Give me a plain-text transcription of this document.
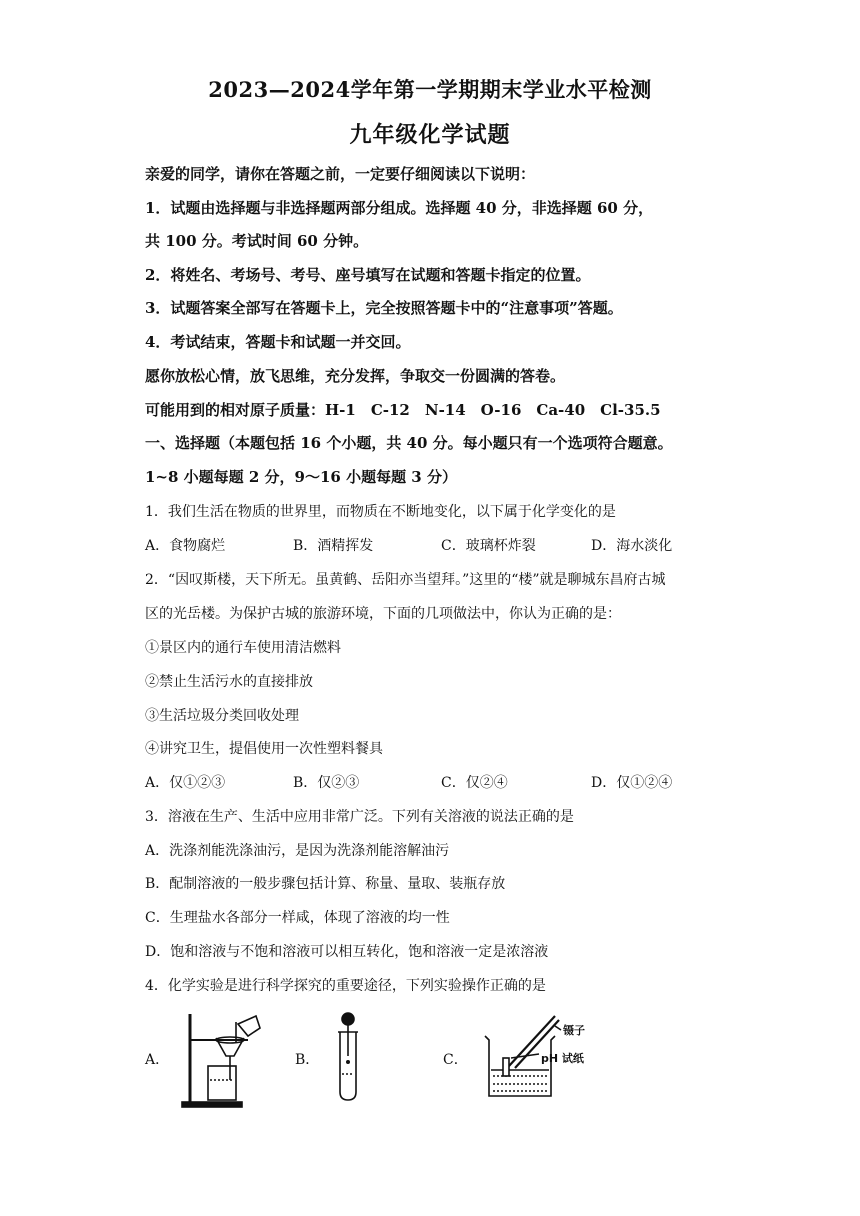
2023—2024学年第一学期期末学业水平检测
九年级化学试题
亲爱的同学，请你在答题之前，一定要仔细阅读以下说明：
1．试题由选择题与非选择题两部分组成。选择题 40 分，非选择题 60 分，
共 100 分。考试时间 60 分钟。
2．将姓名、考场号、考号、座号填写在试题和答题卡指定的位置。
3．试题答案全部写在答题卡上，完全按照答题卡中的“注意事项”答题。
4．考试结束，答题卡和试题一并交回。
愿你放松心情，放飞思维，充分发挥，争取交一份圆满的答卷。
可能用到的相对原子质量：H-1　C-12　N-14　O-16　Ca-40　Cl-35.5
一、选择题（本题包括 16 个小题，共 40 分。每小题只有一个选项符合题意。
1~8 小题每题 2 分，9～16 小题每题 3 分）
1．我们生活在物质的世界里，而物质在不断地变化，以下属于化学变化的是
A．食物腐烂	B．酒精挥发	C．玻璃杯炸裂	D．海水淡化
2．“因叹斯楼，天下所无。虽黄鹤、岳阳亦当望拜。”这里的“楼”就是聊城东昌府古城
区的光岳楼。为保护古城的旅游环境，下面的几项做法中，你认为正确的是：
①景区内的通行车使用清洁燃料
②禁止生活污水的直接排放
③生活垃圾分类回收处理
④讲究卫生，提倡使用一次性塑料餐具
A．仅①②③	B．仅②③	C．仅②④	D．仅①②④
3．溶液在生产、生活中应用非常广泛。下列有关溶液的说法正确的是
A．洗涤剂能洗涤油污，是因为洗涤剂能溶解油污
B．配制溶液的一般步骤包括计算、称量、量取、装瓶存放
C．生理盐水各部分一样咸，体现了溶液的均一性
D．饱和溶液与不饱和溶液可以相互转化，饱和溶液一定是浓溶液
4．化学实验是进行科学探究的重要途径，下列实验操作正确的是
A．	B．	C．
镊子
pH 试纸
